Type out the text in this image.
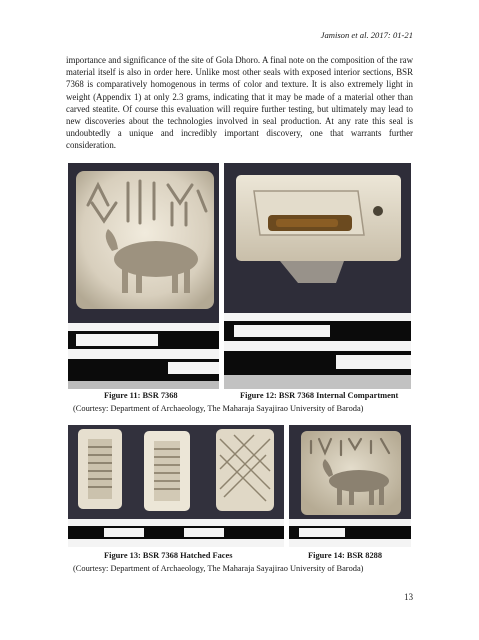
Jamison et al. 2017: 01-21

importance and significance of the site of Gola Dhoro. A final note on the composition of the raw material itself is also in order here. Unlike most other seals with exposed interior sections, BSR 7368 is comparatively homogenous in terms of color and texture. It is also extremely light in weight (Appendix 1) at only 2.3 grams, indicating that it may be made of a material other than carved steatite. Of course this evaluation will require further testing, but ultimately may lead to new discoveries about the technologies involved in seal production. At any rate this seal is undoubtedly a unique and incredibly important discovery, one that warrants further consideration.

Figure 11: BSR 7368	Figure 12: BSR 7368 Internal Compartment
(Courtesy: Department of Archaeology, The Maharaja Sayajirao University of Baroda)
Figure 13: BSR 7368 Hatched Faces	Figure 14: BSR 8288
(Courtesy: Department of Archaeology, The Maharaja Sayajirao University of Baroda)
13
